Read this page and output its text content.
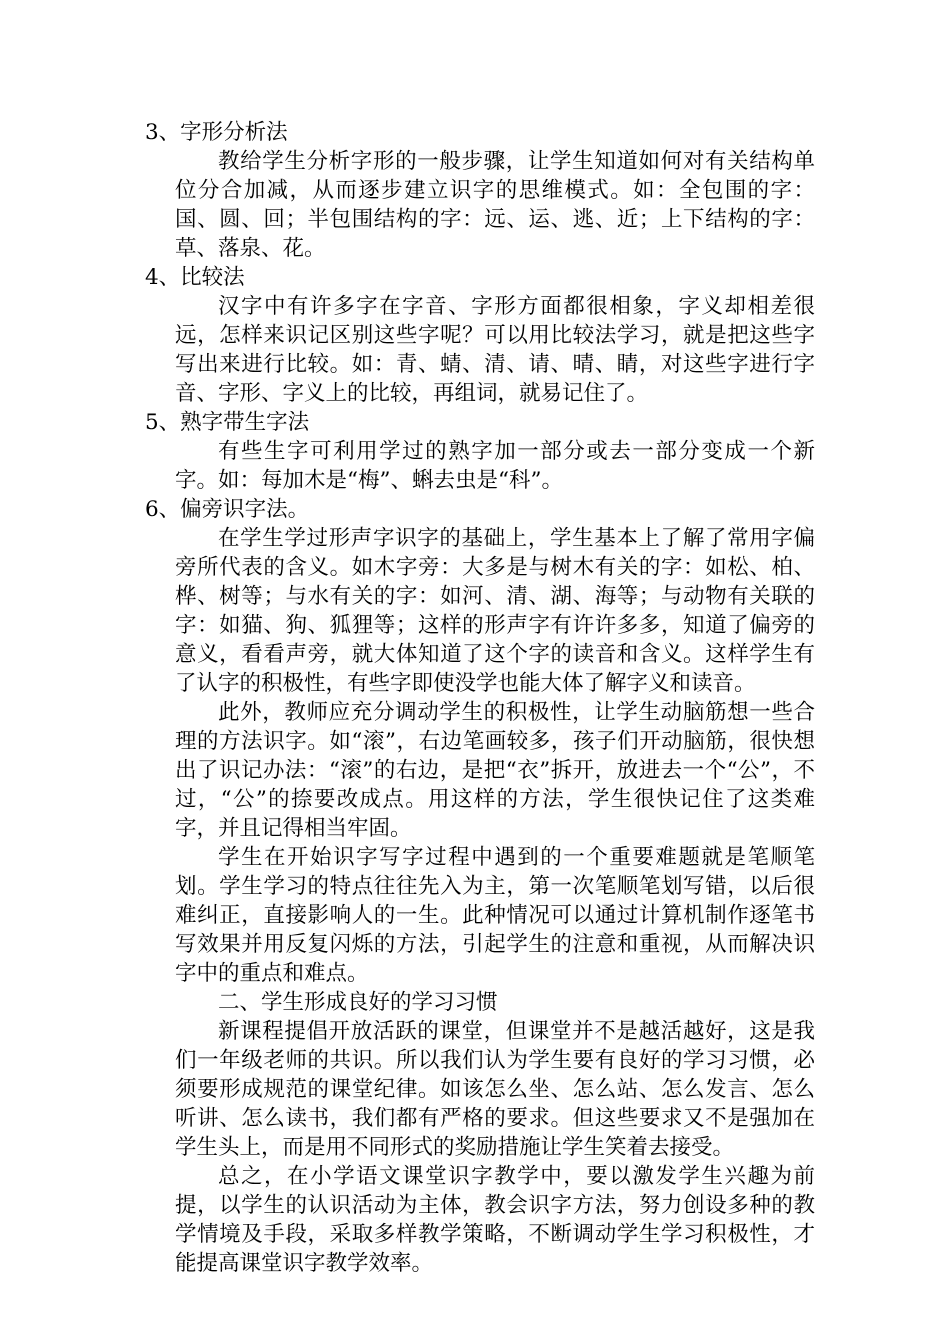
3、字形分析法

教给学生分析字形的一般步骤，让学生知道如何对有关结构单位分合加减，从而逐步建立识字的思维模式。如：全包围的字：国、圆、回；半包围结构的字：远、运、逃、近；上下结构的字：草、落泉、花。

4、比较法

汉字中有许多字在字音、字形方面都很相象，字义却相差很远，怎样来识记区别这些字呢？可以用比较法学习，就是把这些字写出来进行比较。如：青、蜻、清、请、晴、睛，对这些字进行字音、字形、字义上的比较，再组词，就易记住了。

5、熟字带生字法

有些生字可利用学过的熟字加一部分或去一部分变成一个新字。如：每加木是“梅”、蝌去虫是“科”。

6、偏旁识字法。

在学生学过形声字识字的基础上，学生基本上了解了常用字偏旁所代表的含义。如木字旁：大多是与树木有关的字：如松、柏、桦、树等；与水有关的字：如河、清、湖、海等；与动物有关联的字：如猫、狗、狐狸等；这样的形声字有许许多多，知道了偏旁的意义，看看声旁，就大体知道了这个字的读音和含义。这样学生有了认字的积极性，有些字即使没学也能大体了解字义和读音。

此外，教师应充分调动学生的积极性，让学生动脑筋想一些合理的方法识字。如“滚”，右边笔画较多，孩子们开动脑筋，很快想出了识记办法：“滚”的右边，是把“衣”拆开，放进去一个“公”，不过，“公”的捺要改成点。用这样的方法，学生很快记住了这类难字，并且记得相当牢固。

学生在开始识字写字过程中遇到的一个重要难题就是笔顺笔划。学生学习的特点往往先入为主，第一次笔顺笔划写错，以后很难纠正，直接影响人的一生。此种情况可以通过计算机制作逐笔书写效果并用反复闪烁的方法，引起学生的注意和重视，从而解决识字中的重点和难点。

二、学生形成良好的学习习惯

新课程提倡开放活跃的课堂，但课堂并不是越活越好，这是我们一年级老师的共识。所以我们认为学生要有良好的学习习惯，必须要形成规范的课堂纪律。如该怎么坐、怎么站、怎么发言、怎么听讲、怎么读书，我们都有严格的要求。但这些要求又不是强加在学生头上，而是用不同形式的奖励措施让学生笑着去接受。

总之，在小学语文课堂识字教学中，要以激发学生兴趣为前提，以学生的认识活动为主体，教会识字方法，努力创设多种的教学情境及手段，采取多样教学策略，不断调动学生学习积极性，才能提高课堂识字教学效率。
